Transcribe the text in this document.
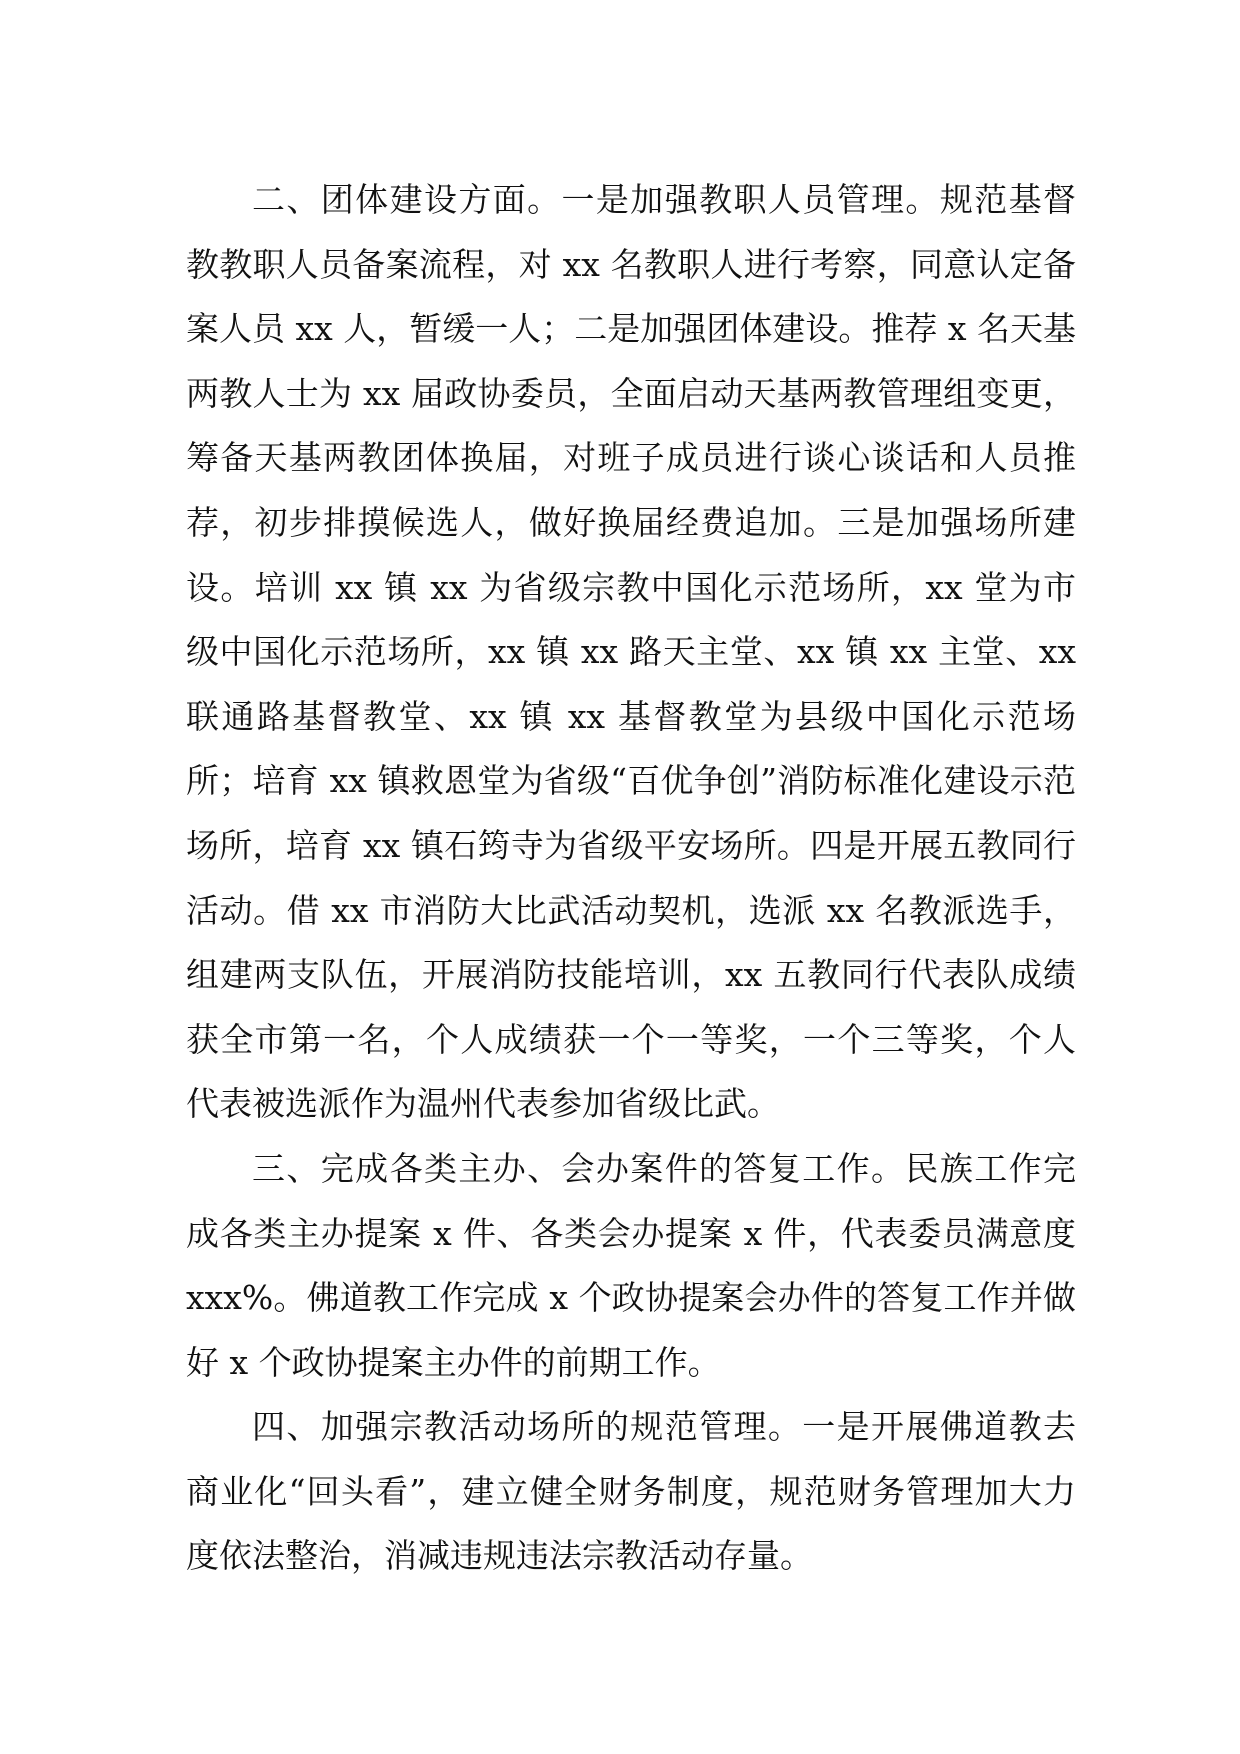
二、团体建设方面。一是加强教职人员管理。规范基督教教职人员备案流程，对 xx 名教职人进行考察，同意认定备案人员 xx 人，暂缓一人；二是加强团体建设。推荐 x 名天基两教人士为 xx 届政协委员，全面启动天基两教管理组变更，筹备天基两教团体换届，对班子成员进行谈心谈话和人员推荐，初步排摸候选人，做好换届经费追加。三是加强场所建设。培训 xx 镇 xx 为省级宗教中国化示范场所，xx 堂为市级中国化示范场所，xx 镇 xx 路天主堂、xx 镇 xx 主堂、xx 联通路基督教堂、xx 镇 xx 基督教堂为县级中国化示范场所；培育 xx 镇救恩堂为省级“百优争创”消防标准化建设示范场所，培育 xx 镇石筠寺为省级平安场所。四是开展五教同行活动。借 xx 市消防大比武活动契机，选派 xx 名教派选手，组建两支队伍，开展消防技能培训，xx 五教同行代表队成绩获全市第一名，个人成绩获一个一等奖，一个三等奖，个人代表被选派作为温州代表参加省级比武。

三、完成各类主办、会办案件的答复工作。民族工作完成各类主办提案 x 件、各类会办提案 x 件，代表委员满意度 xxx%。佛道教工作完成 x 个政协提案会办件的答复工作并做好 x 个政协提案主办件的前期工作。

四、加强宗教活动场所的规范管理。一是开展佛道教去商业化“回头看”，建立健全财务制度，规范财务管理加大力度依法整治，消减违规违法宗教活动存量。
